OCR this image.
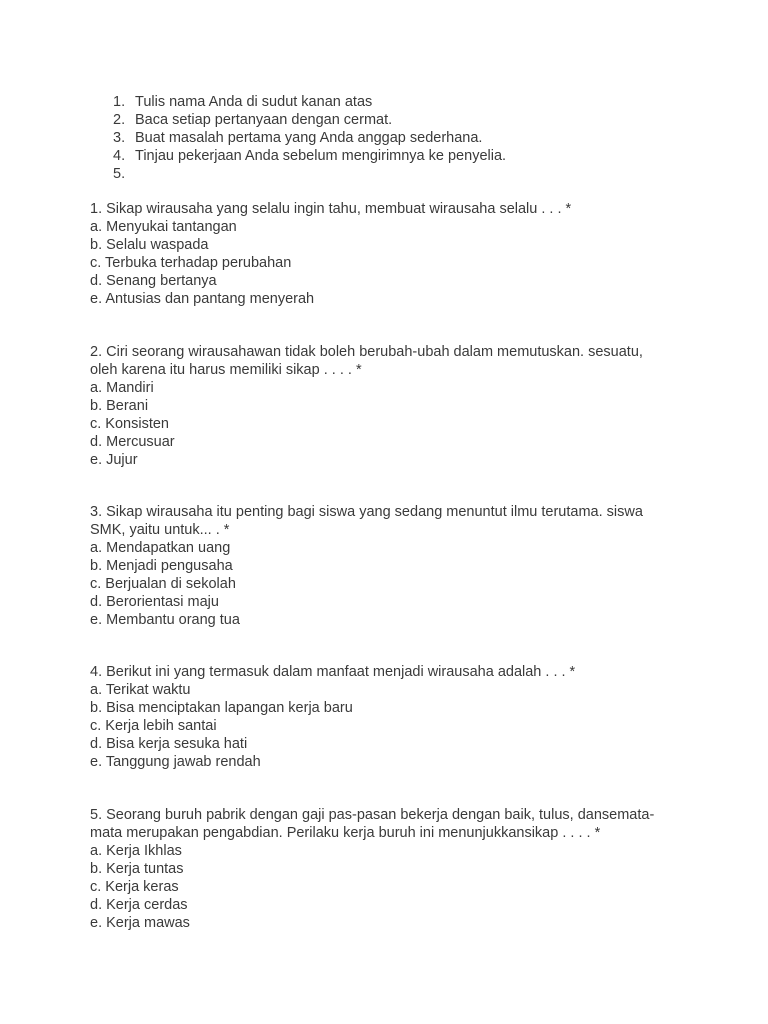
1. Tulis nama Anda di sudut kanan atas
2. Baca setiap pertanyaan dengan cermat.
3. Buat masalah pertama yang Anda anggap sederhana.
4. Tinjau pekerjaan Anda sebelum mengirimnya ke penyelia.
5.
1. Sikap wirausaha yang selalu ingin tahu, membuat wirausaha selalu . . . *
a. Menyukai tantangan
b. Selalu waspada
c. Terbuka terhadap perubahan
d. Senang bertanya
e. Antusias dan pantang menyerah
2. Ciri seorang wirausahawan tidak boleh berubah-ubah dalam memutuskan. sesuatu,
oleh karena itu harus memiliki sikap . . . . *
a. Mandiri
b. Berani
c. Konsisten
d. Mercusuar
e. Jujur
3. Sikap wirausaha itu penting bagi siswa yang sedang menuntut ilmu terutama. siswa
SMK, yaitu untuk... . *
a. Mendapatkan uang
b. Menjadi pengusaha
c. Berjualan di sekolah
d. Berorientasi maju
e. Membantu orang tua
4. Berikut ini yang termasuk dalam manfaat menjadi wirausaha adalah . . . *
a. Terikat waktu
b. Bisa menciptakan lapangan kerja baru
c. Kerja lebih santai
d. Bisa kerja sesuka hati
e. Tanggung jawab rendah
5. Seorang buruh pabrik dengan gaji pas-pasan bekerja dengan baik, tulus, dansemata-
mata merupakan pengabdian. Perilaku kerja buruh ini menunjukkansikap . . . . *
a. Kerja Ikhlas
b. Kerja tuntas
c. Kerja keras
d. Kerja cerdas
e. Kerja mawas
